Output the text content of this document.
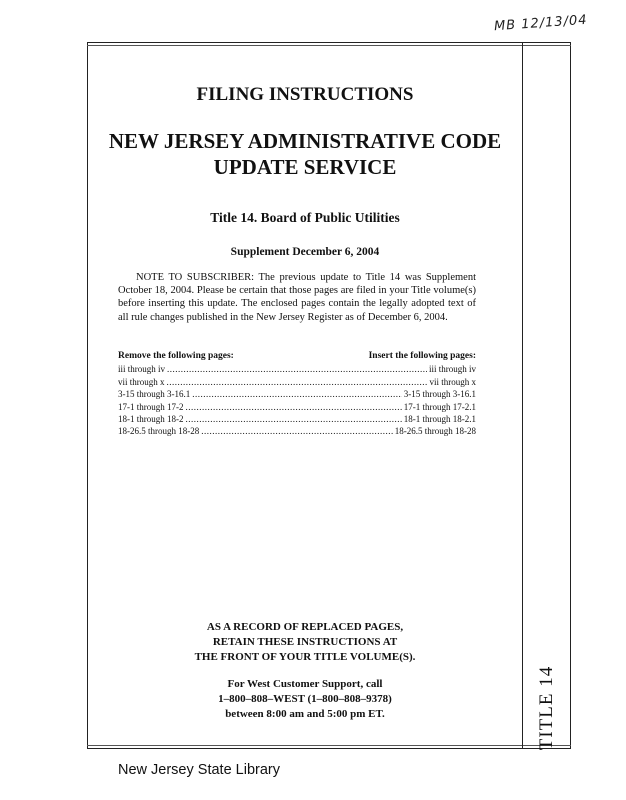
MB 12/13/04
TITLE 14
FILING INSTRUCTIONS
NEW JERSEY ADMINISTRATIVE CODE
UPDATE SERVICE
Title 14. Board of Public Utilities
Supplement December 6, 2004
NOTE TO SUBSCRIBER: The previous update to Title 14 was Supplement October 18, 2004. Please be certain that those pages are filed in your Title volume(s) before inserting this update. The enclosed pages contain the legally adopted text of all rule changes published in the New Jersey Register as of December 6, 2004.
Remove the following pages:	Insert the following pages:
iii through iv .....	iii through iv
vii through x .....	vii through x
3-15 through 3-16.1 .....	3-15 through 3-16.1
17-1 through 17-2 .....	17-1 through 17-2.1
18-1 through 18-2 .....	18-1 through 18-2.1
18-26.5 through 18-28 .....	18-26.5 through 18-28
AS A RECORD OF REPLACED PAGES,
RETAIN THESE INSTRUCTIONS AT
THE FRONT OF YOUR TITLE VOLUME(S).
For West Customer Support, call
1–800–808–WEST (1–800–808–9378)
between 8:00 am and 5:00 pm ET.
New Jersey State Library
